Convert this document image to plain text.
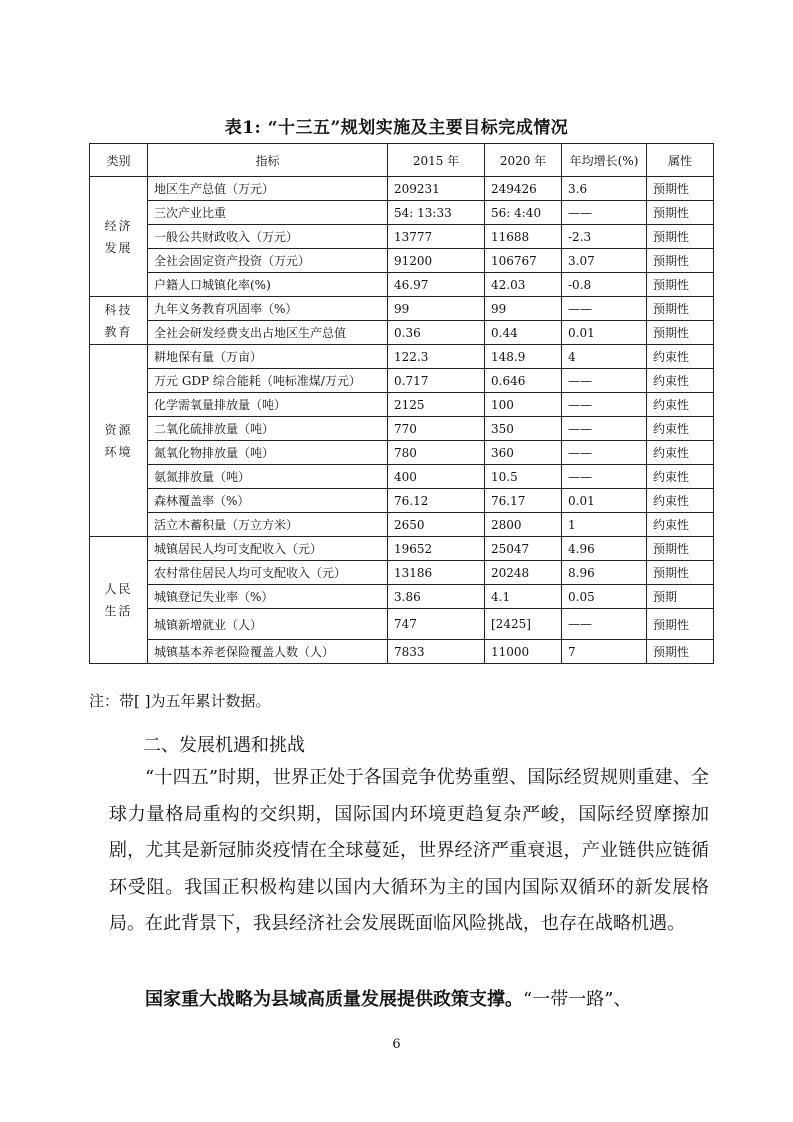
表1: “十三五”规划实施及主要目标完成情况
类别	指标	2015 年	2020 年	年均增长(%)	属性
经济发展	地区生产总值（万元）	209231	249426	3.6	预期性
	三次产业比重	54: 13:33	56: 4:40	——	预期性
	一般公共财政收入（万元）	13777	11688	-2.3	预期性
	全社会固定资产投资（万元）	91200	106767	3.07	预期性
	户籍人口城镇化率(%)	46.97	42.03	-0.8	预期性
科技教育	九年义务教育巩固率（%）	99	99	——	预期性
	全社会研发经费支出占地区生产总值	0.36	0.44	0.01	预期性
资源环境	耕地保有量（万亩）	122.3	148.9	4	约束性
	万元 GDP 综合能耗（吨标准煤/万元）	0.717	0.646	——	约束性
	化学需氧量排放量（吨）	2125	100	——	约束性
	二氧化硫排放量（吨）	770	350	——	约束性
	氮氧化物排放量（吨）	780	360	——	约束性
	氨氮排放量（吨）	400	10.5	——	约束性
	森林覆盖率（%）	76.12	76.17	0.01	约束性
	活立木蓄积量（万立方米）	2650	2800	1	约束性
人民生活	城镇居民人均可支配收入（元）	19652	25047	4.96	预期性
	农村常住居民人均可支配收入（元）	13186	20248	8.96	预期性
	城镇登记失业率（%）	3.86	4.1	0.05	预期
	城镇新增就业（人）	747	[2425]	——	预期性
	城镇基本养老保险覆盖人数（人）	7833	11000	7	预期性
注：带[ ]为五年累计数据。
二、发展机遇和挑战
“十四五”时期，世界正处于各国竞争优势重塑、国际经贸规则重建、全球力量格局重构的交织期，国际国内环境更趋复杂严峻，国际经贸摩擦加剧，尤其是新冠肺炎疫情在全球蔓延，世界经济严重衰退，产业链供应链循环受阻。我国正积极构建以国内大循环为主的国内国际双循环的新发展格局。在此背景下，我县经济社会发展既面临风险挑战，也存在战略机遇。
国家重大战略为县域高质量发展提供政策支撑。“一带一路”、
6
